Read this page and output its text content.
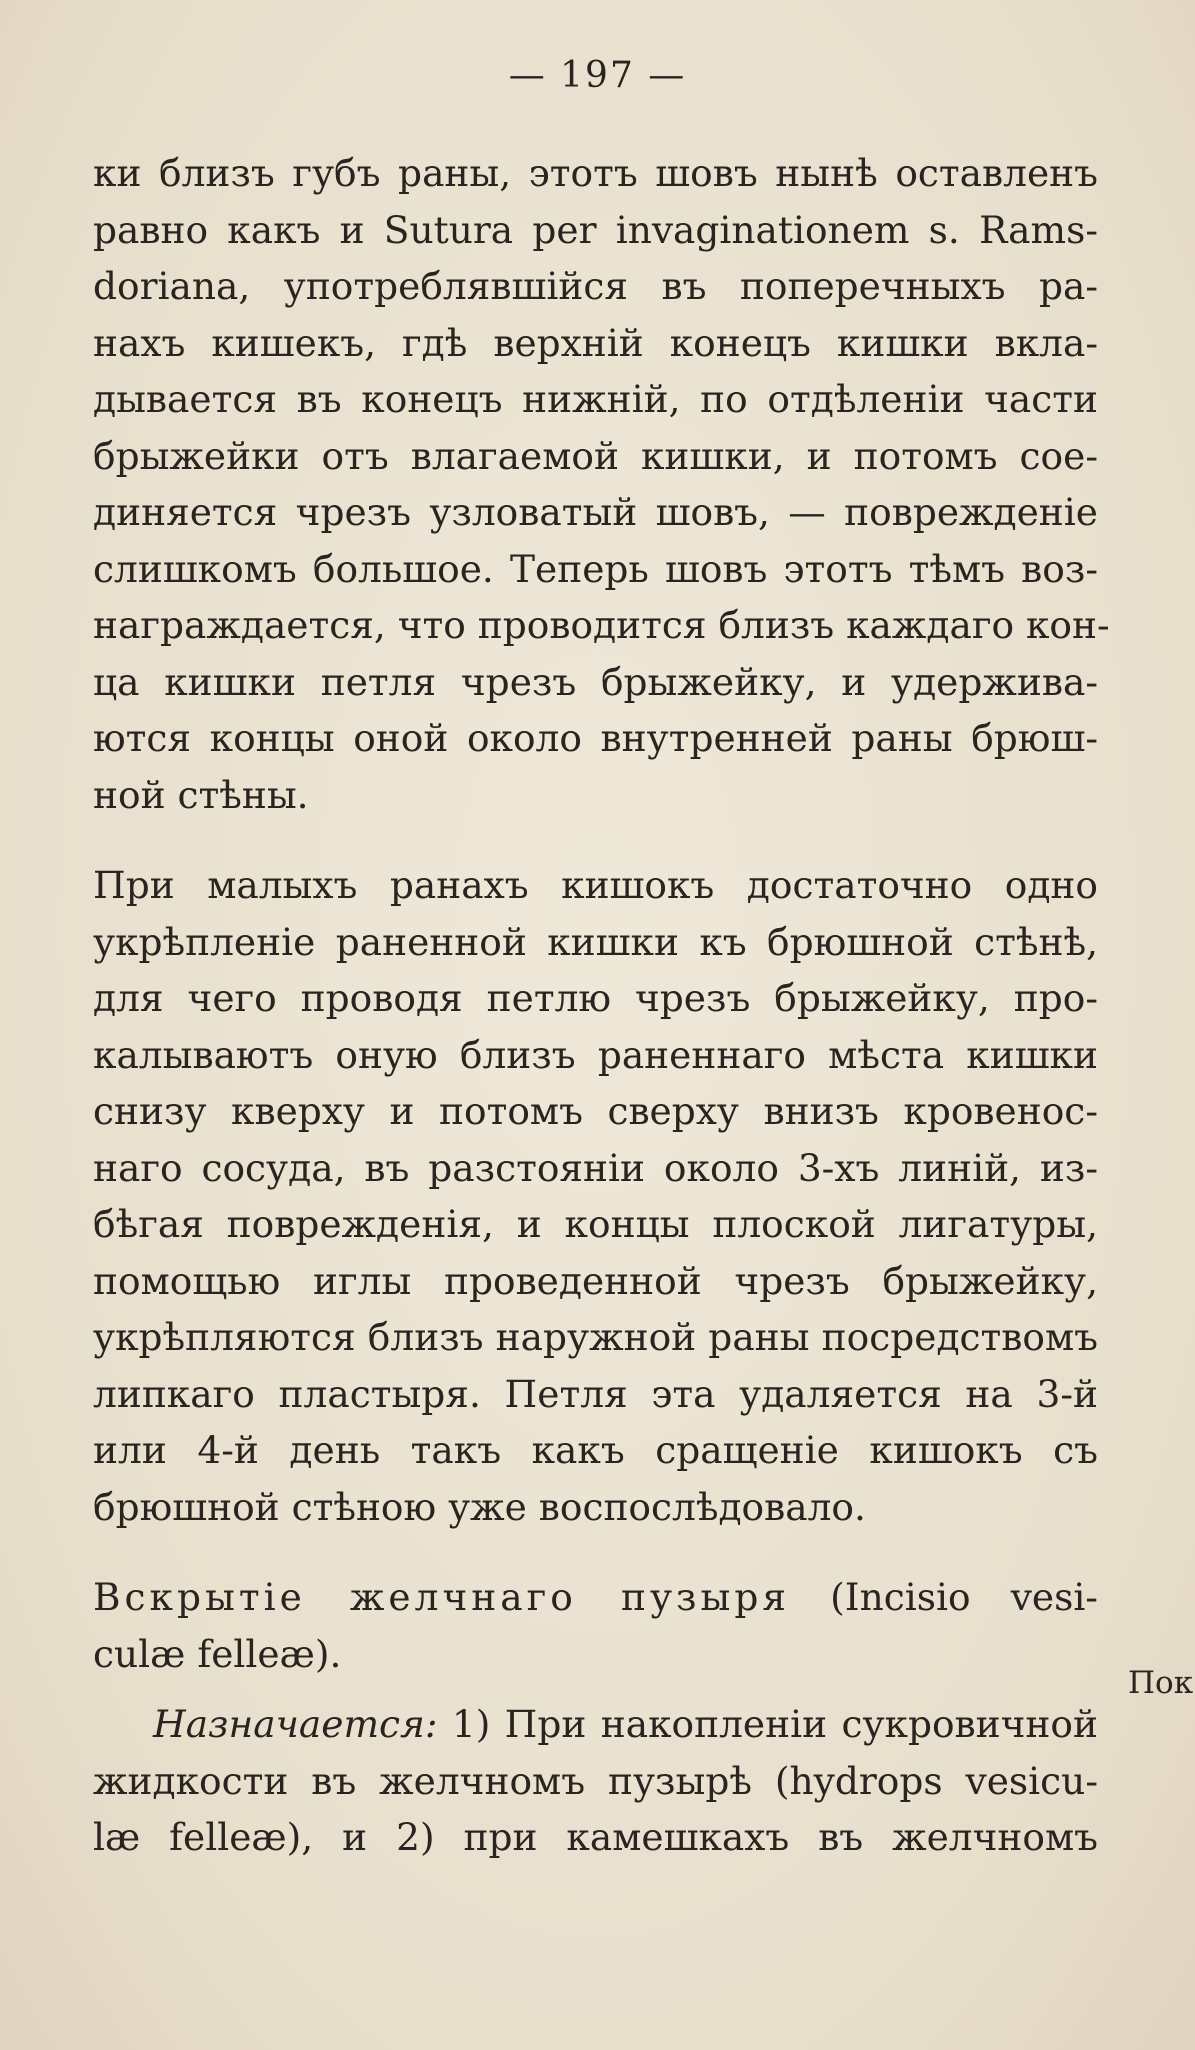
— 197 —
ки близъ губъ раны, этотъ шовъ нынѣ оставленъ
равно какъ и Sutura per invaginationem s. Rams-
doriana, употреблявшійся въ поперечныхъ ра-
нахъ кишекъ, гдѣ верхній конецъ кишки вкла-
дывается въ конецъ нижній, по отдѣленіи части
брыжейки отъ влагаемой кишки, и потомъ сое-
диняется чрезъ узловатый шовъ, — поврежденіе
слишкомъ большое. Теперь шовъ этотъ тѣмъ воз-
награждается, что проводится близъ каждаго кон-
ца кишки петля чрезъ брыжейку, и удержива-
ются концы оной около внутренней раны брюш-
ной стѣны.
При малыхъ ранахъ кишокъ достаточно одно
укрѣпленіе раненной кишки къ брюшной стѣнѣ,
для чего проводя петлю чрезъ брыжейку, про-
калываютъ оную близъ раненнаго мѣста кишки
снизу кверху и потомъ сверху внизъ кровеноc-
наго сосуда, въ разстояніи около 3-хъ линій, из-
бѣгая поврежденія, и концы плоской лигатуры,
помощью иглы проведенной чрезъ брыжейку,
укрѣпляются близъ наружной раны посредствомъ
липкаго пластыря. Петля эта удаляется на 3-й
или 4-й день такъ какъ сращеніе кишокъ съ
брюшной стѣною уже воспослѣдовало.
Вскрытіе желчнаго пузыря (Incisio vesi-
culæ felleæ).
Назначается: 1) При накопленіи сукровичной
жидкости въ желчномъ пузырѣ (hydrops vesicu-
læ felleæ), и 2) при камешкахъ въ желчномъ
Пок
